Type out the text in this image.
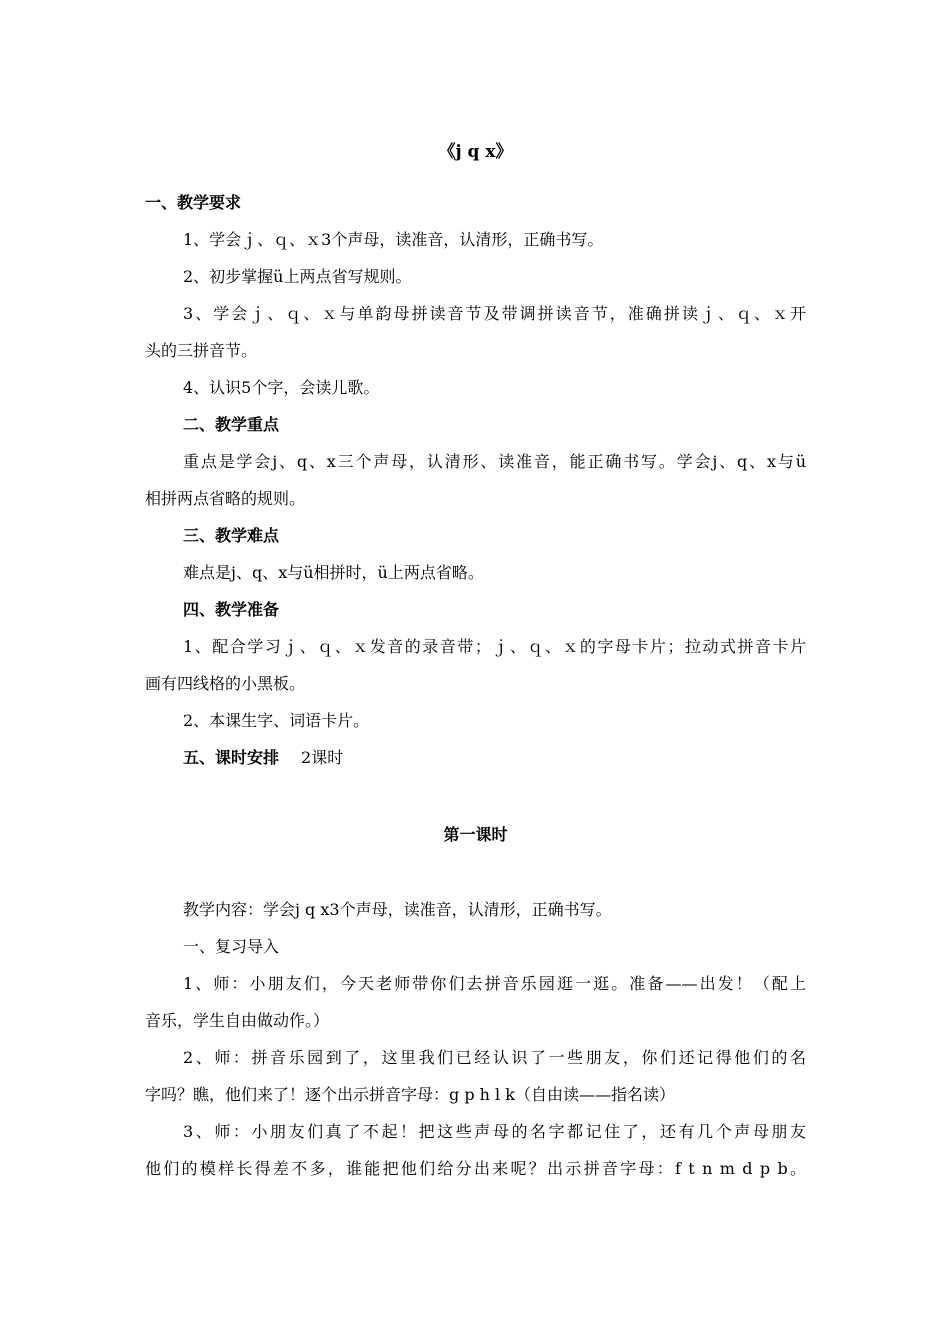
《j q x》
一、教学要求
1、学会ｊ、ｑ、ｘ3个声母，读准音，认清形，正确书写。
2、初步掌握ü上两点省写规则。
3、学会ｊ、ｑ、ｘ与单韵母拼读音节及带调拼读音节，准确拼读ｊ、ｑ、ｘ开
头的三拼音节。
4、认识5个字，会读儿歌。
二、教学重点
重点是学会j、q、x三个声母，认清形、读准音，能正确书写。学会j、q、x与ü
相拼两点省略的规则。
三、教学难点
难点是j、q、x与ü相拼时，ü上两点省略。
四、教学准备
1、配合学习ｊ、ｑ、ｘ发音的录音带；ｊ、ｑ、ｘ的字母卡片；拉动式拼音卡片
画有四线格的小黑板。
2、本课生字、词语卡片。
五、课时安排 2课时
第一课时
教学内容：学会j q x3个声母，读准音，认清形，正确书写。
一、复习导入
1、师：小朋友们，今天老师带你们去拼音乐园逛一逛。准备——出发！（配上
音乐，学生自由做动作。）
2、师：拼音乐园到了，这里我们已经认识了一些朋友，你们还记得他们的名
字吗？瞧，他们来了！逐个出示拼音字母：g p h l k（自由读——指名读）
3、师：小朋友们真了不起！把这些声母的名字都记住了，还有几个声母朋友
他们的模样长得差不多，谁能把他们给分出来呢？出示拼音字母：f t n m d p b。
